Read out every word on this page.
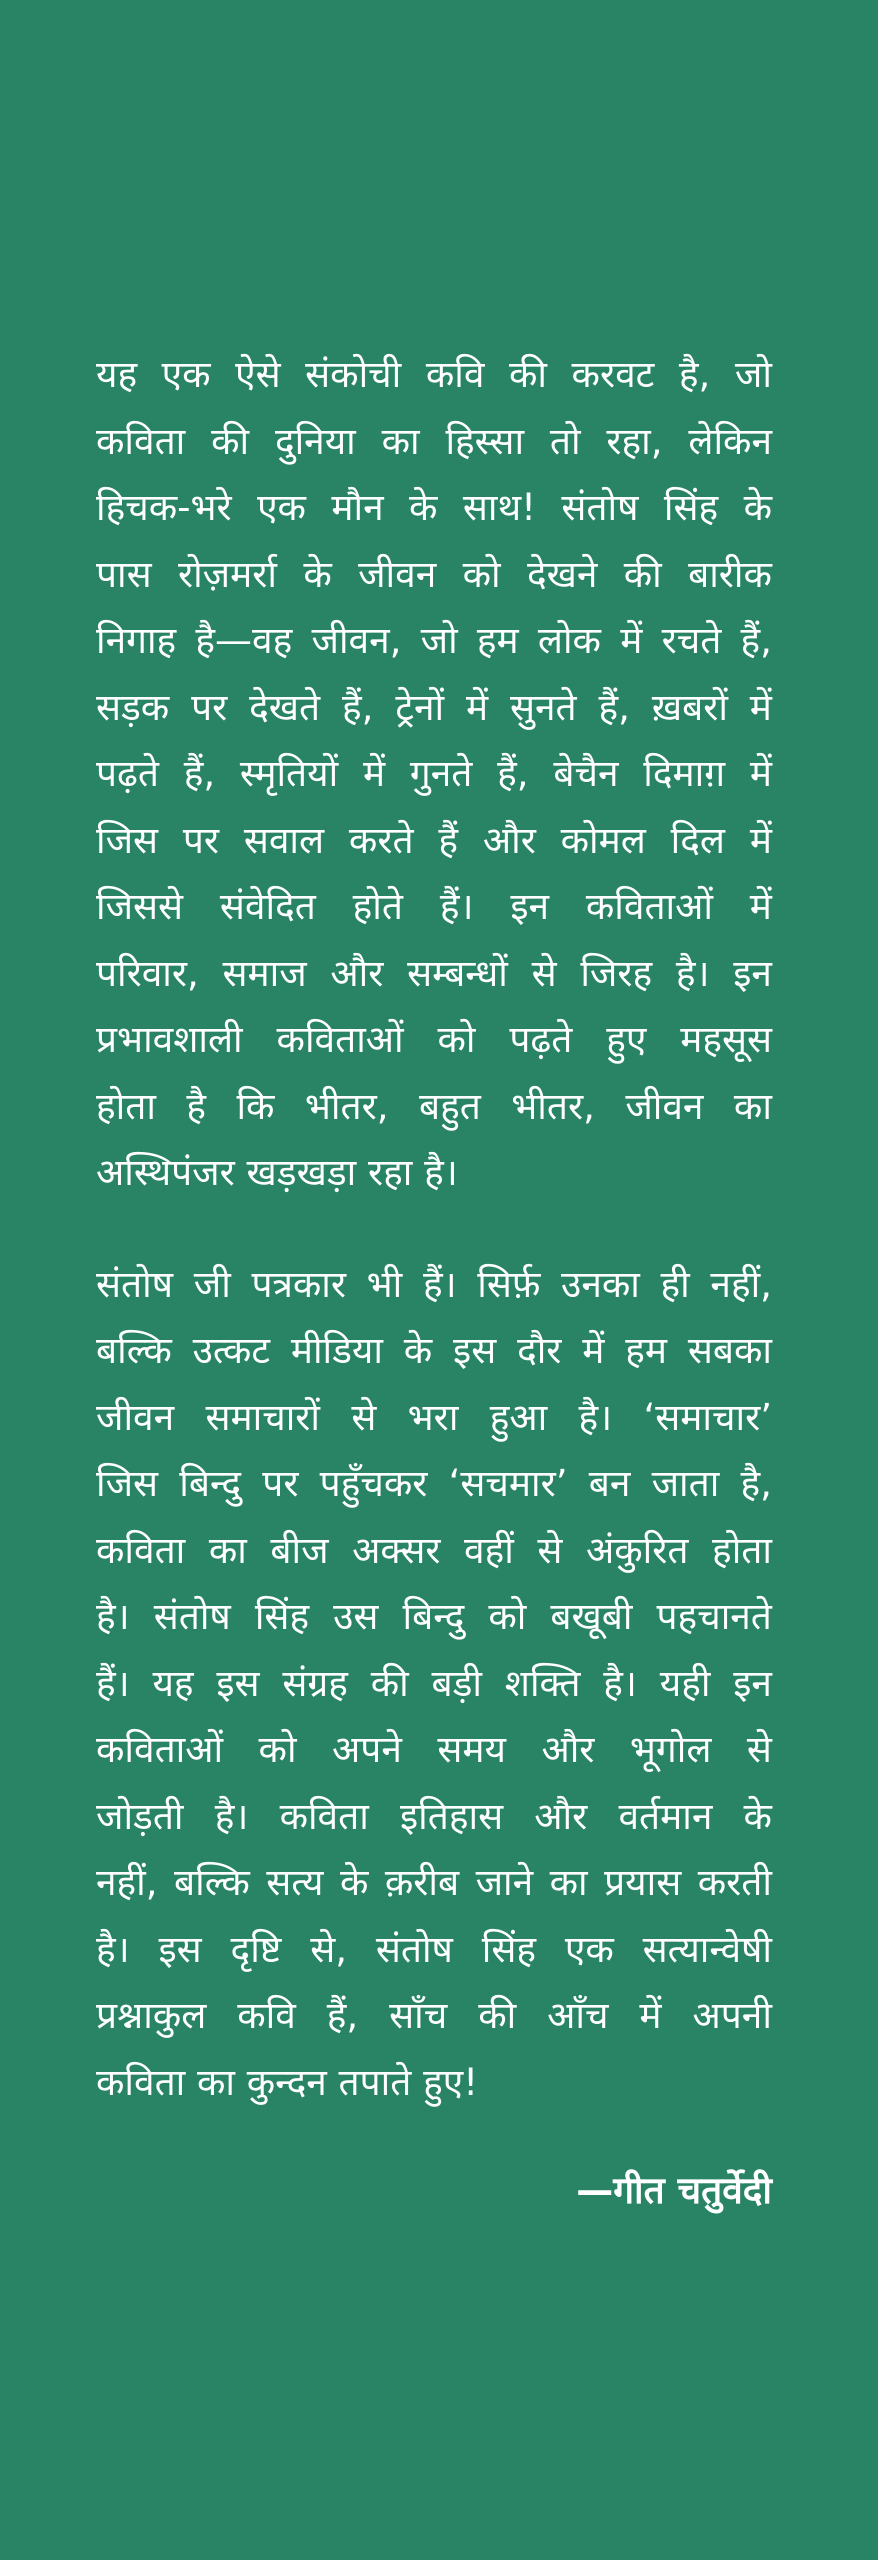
यह एक ऐसे संकोची कवि की करवट है, जो
कविता की दुनिया का हिस्सा तो रहा, लेकिन
हिचक-भरे एक मौन के साथ! संतोष सिंह के
पास रोज़मर्रा के जीवन को देखने की बारीक
निगाह है—वह जीवन, जो हम लोक में रचते हैं,
सड़क पर देखते हैं, ट्रेनों में सुनते हैं, ख़बरों में
पढ़ते हैं, स्मृतियों में गुनते हैं, बेचैन दिमाग़ में
जिस पर सवाल करते हैं और कोमल दिल में
जिससे संवेदित होते हैं। इन कविताओं में
परिवार, समाज और सम्बन्धों से जिरह है। इन
प्रभावशाली कविताओं को पढ़ते हुए महसूस
होता है कि भीतर, बहुत भीतर, जीवन का
अस्थिपंजर खड़खड़ा रहा है।
संतोष जी पत्रकार भी हैं। सिर्फ़ उनका ही नहीं,
बल्कि उत्कट मीडिया के इस दौर में हम सबका
जीवन समाचारों से भरा हुआ है। ‘समाचार’
जिस बिन्दु पर पहुँचकर ‘सचमार’ बन जाता है,
कविता का बीज अक्सर वहीं से अंकुरित होता
है। संतोष सिंह उस बिन्दु को बखूबी पहचानते
हैं। यह इस संग्रह की बड़ी शक्ति है। यही इन
कविताओं को अपने समय और भूगोल से
जोड़ती है। कविता इतिहास और वर्तमान के
नहीं, बल्कि सत्य के क़रीब जाने का प्रयास करती
है। इस दृष्टि से, संतोष सिंह एक सत्यान्वेषी
प्रश्नाकुल कवि हैं, साँच की आँच में अपनी
कविता का कुन्दन तपाते हुए!
—गीत चतुर्वेदी
